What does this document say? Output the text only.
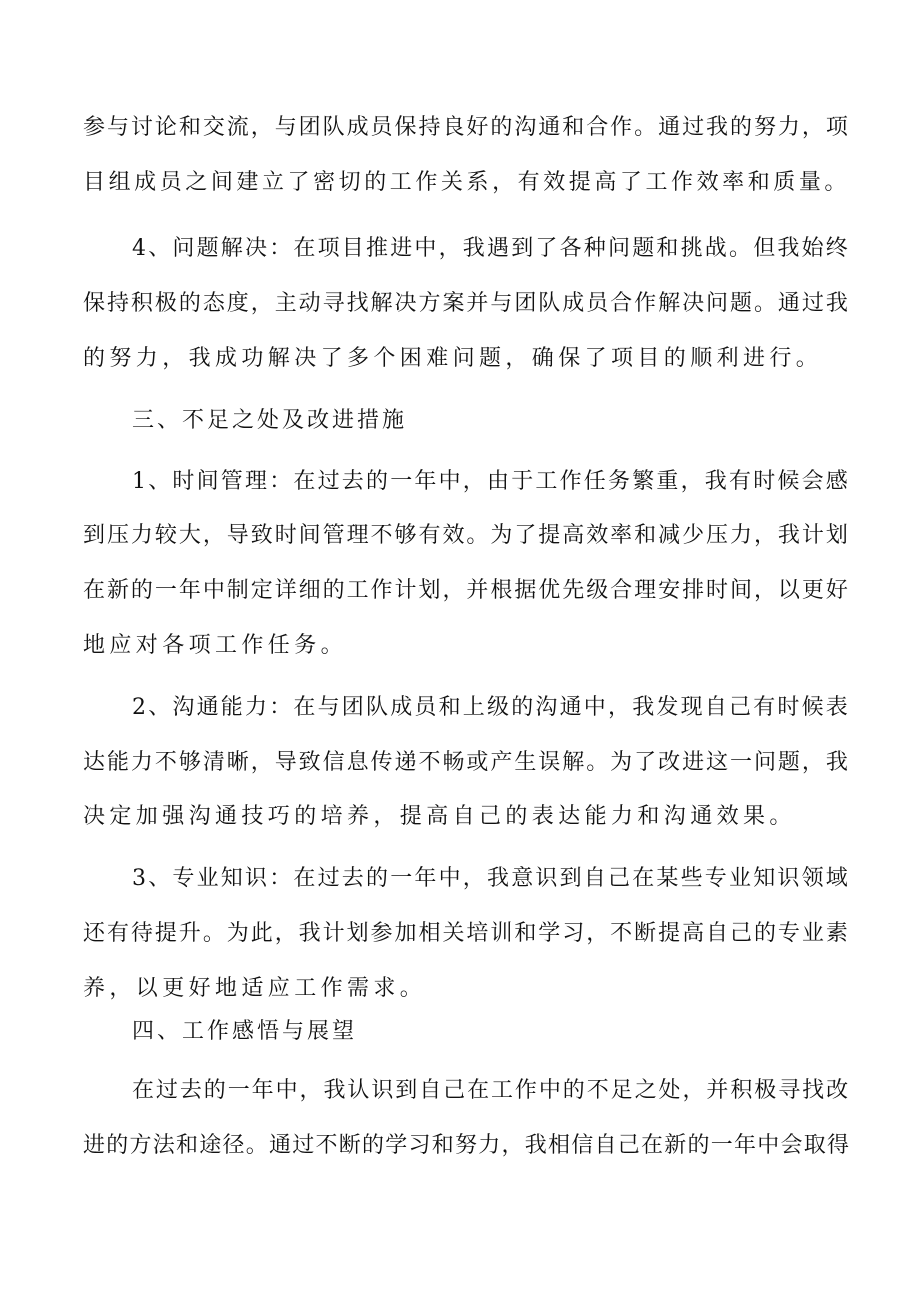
参与讨论和交流，与团队成员保持良好的沟通和合作。通过我的努力，项
目组成员之间建立了密切的工作关系，有效提高了工作效率和质量。
4、问题解决：在项目推进中，我遇到了各种问题和挑战。但我始终
保持积极的态度，主动寻找解决方案并与团队成员合作解决问题。通过我
的努力，我成功解决了多个困难问题，确保了项目的顺利进行。
三、不足之处及改进措施
1、时间管理：在过去的一年中，由于工作任务繁重，我有时候会感
到压力较大，导致时间管理不够有效。为了提高效率和减少压力，我计划
在新的一年中制定详细的工作计划，并根据优先级合理安排时间，以更好
地应对各项工作任务。
2、沟通能力：在与团队成员和上级的沟通中，我发现自己有时候表
达能力不够清晰，导致信息传递不畅或产生误解。为了改进这一问题，我
决定加强沟通技巧的培养，提高自己的表达能力和沟通效果。
3、专业知识：在过去的一年中，我意识到自己在某些专业知识领域
还有待提升。为此，我计划参加相关培训和学习，不断提高自己的专业素
养，以更好地适应工作需求。
四、工作感悟与展望
在过去的一年中，我认识到自己在工作中的不足之处，并积极寻找改
进的方法和途径。通过不断的学习和努力，我相信自己在新的一年中会取得
